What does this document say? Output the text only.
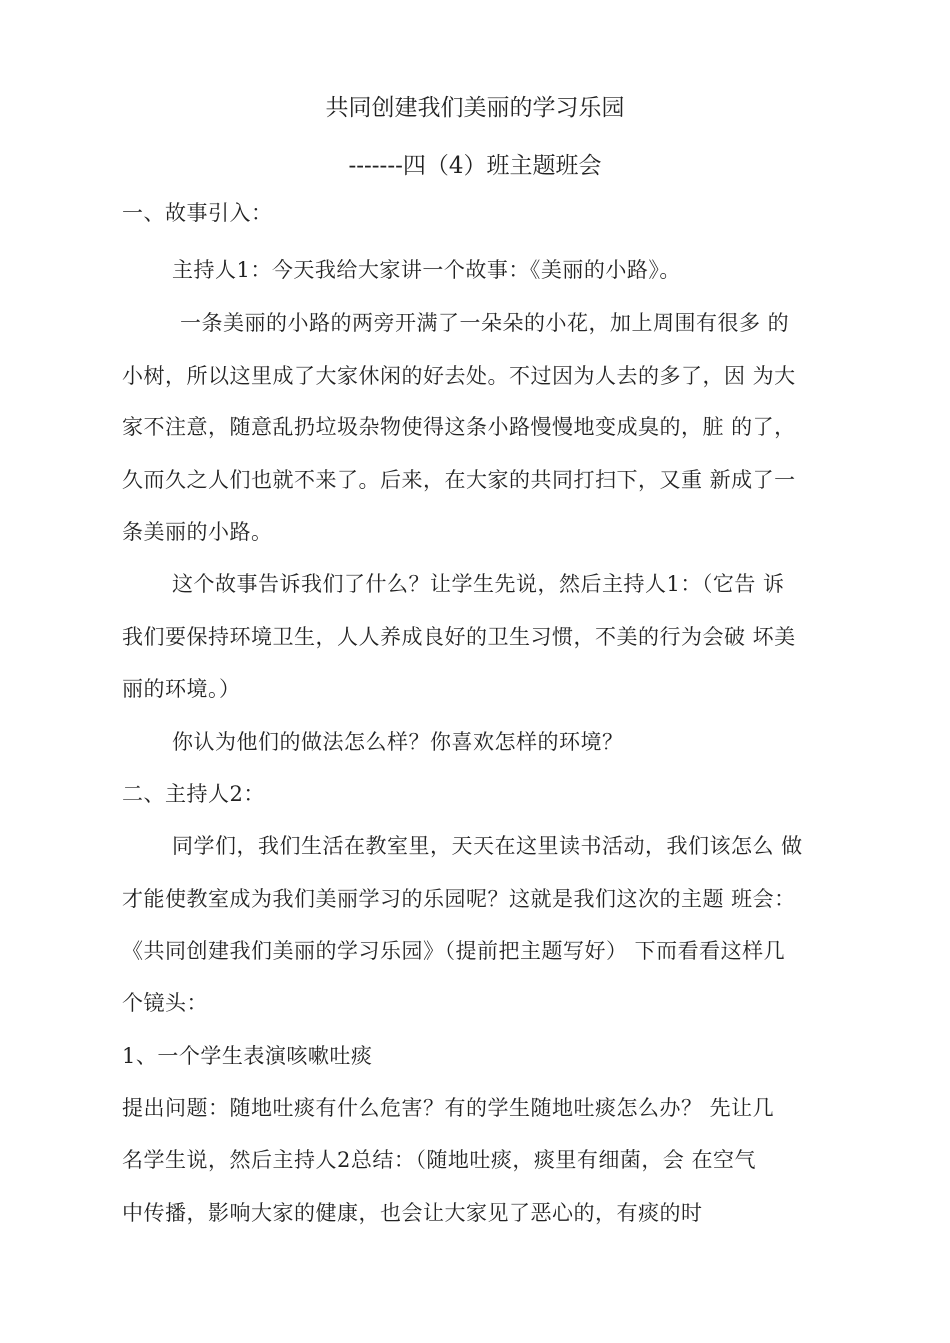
共同创建我们美丽的学习乐园
-------四（4）班主题班会
一、故事引入：
主持人1：今天我给大家讲一个故事：《美丽的小路》。
一条美丽的小路的两旁开满了一朵朵的小花，加上周围有很多 的
小树，所以这里成了大家休闲的好去处。不过因为人去的多了，因 为大
家不注意，随意乱扔垃圾杂物使得这条小路慢慢地变成臭的，脏 的了，
久而久之人们也就不来了。后来，在大家的共同打扫下，又重 新成了一
条美丽的小路。
这个故事告诉我们了什么？让学生先说，然后主持人1：（它告 诉
我们要保持环境卫生，人人养成良好的卫生习惯，不美的行为会破 坏美
丽的环境。）
你认为他们的做法怎么样？你喜欢怎样的环境？
二、主持人2：
同学们，我们生活在教室里，天天在这里读书活动，我们该怎么 做
才能使教室成为我们美丽学习的乐园呢？这就是我们这次的主题 班会：
《共同创建我们美丽的学习乐园》（提前把主题写好） 下而看看这样几
个镜头：
1、一个学生表演咳嗽吐痰
提出问题：随地吐痰有什么危害？有的学生随地吐痰怎么办？ 先让几
名学生说，然后主持人2总结：（随地吐痰，痰里有细菌，会 在空气
中传播，影响大家的健康，也会让大家见了恶心的，有痰的时
